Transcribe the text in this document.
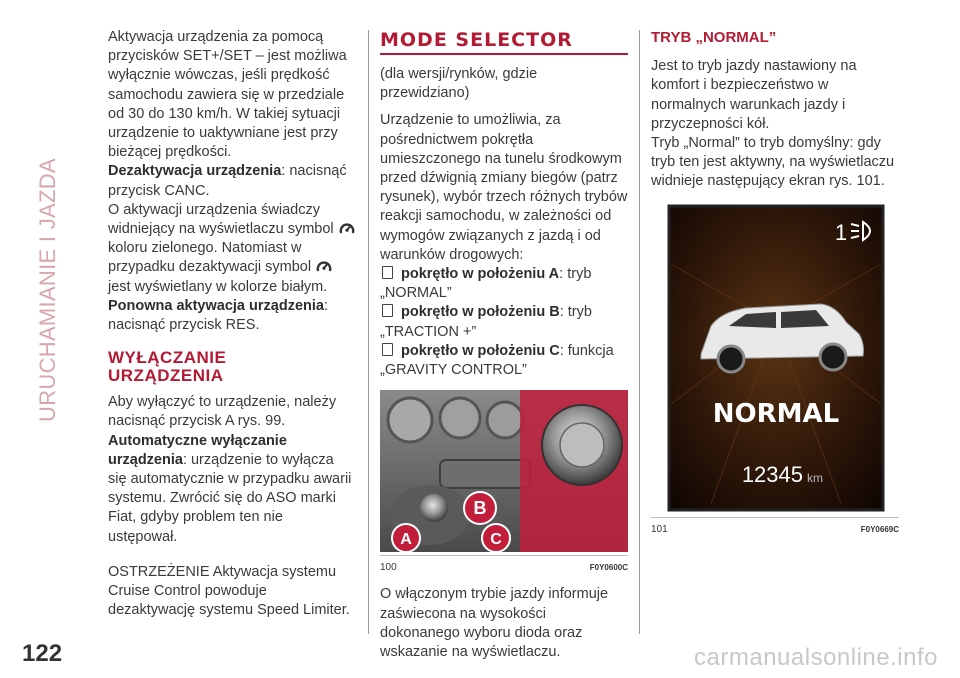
URUCHAMIANIE I JAZDA
122

Aktywacja urządzenia za pomocą przycisków SET+/SET – jest możliwa wyłącznie wówczas, jeśli prędkość samochodu zawiera się w przedziale od 30 do 130 km/h. W takiej sytuacji urządzenie to uaktywniane jest przy bieżącej prędkości.

Dezaktywacja urządzenia: nacisnąć przycisk CANC.

O aktywacji urządzenia świadczy widniejący na wyświetlaczu symbol  koloru zielonego. Natomiast w przypadku dezaktywacji symbol  jest wyświetlany w kolorze białym.

Ponowna aktywacja urządzenia: nacisnąć przycisk RES.

WYŁĄCZANIE
URZĄDZENIA

Aby wyłączyć to urządzenie, należy nacisnąć przycisk A rys. 99.

Automatyczne wyłączanie urządzenia: urządzenie to wyłącza się automatycznie w przypadku awarii systemu. Zwrócić się do ASO marki Fiat, gdyby problem ten nie ustępował.

OSTRZEŻENIE Aktywacja systemu Cruise Control powoduje dezaktywację systemu Speed Limiter.

MODE SELECTOR

(dla wersji/rynków, gdzie przewidziano)

Urządzenie to umożliwia, za pośrednictwem pokrętła umieszczonego na tunelu środkowym przed dźwignią zmiany biegów (patrz rysunek), wybór trzech różnych trybów reakcji samochodu, w zależności od wymogów związanych z jazdą i od warunków drogowych:

pokrętło w położeniu A: tryb „NORMAL”

pokrętło w położeniu B: tryb „TRACTION +”

pokrętło w położeniu C: funkcja „GRAVITY CONTROL”

B
A	C
100	F0Y0600C

O włączonym trybie jazdy informuje zaświecona na wysokości dokonanego wyboru dioda oraz wskazanie na wyświetlaczu.

TRYB „NORMAL”

Jest to tryb jazdy nastawiony na komfort i bezpieczeństwo w normalnych warunkach jazdy i przyczepności kół.

Tryb „Normal” to tryb domyślny: gdy tryb ten jest aktywny, na wyświetlaczu widnieje następujący ekran rys. 101.

1
NORMAL
12345 km
101	F0Y0669C
carmanualsonline.info
